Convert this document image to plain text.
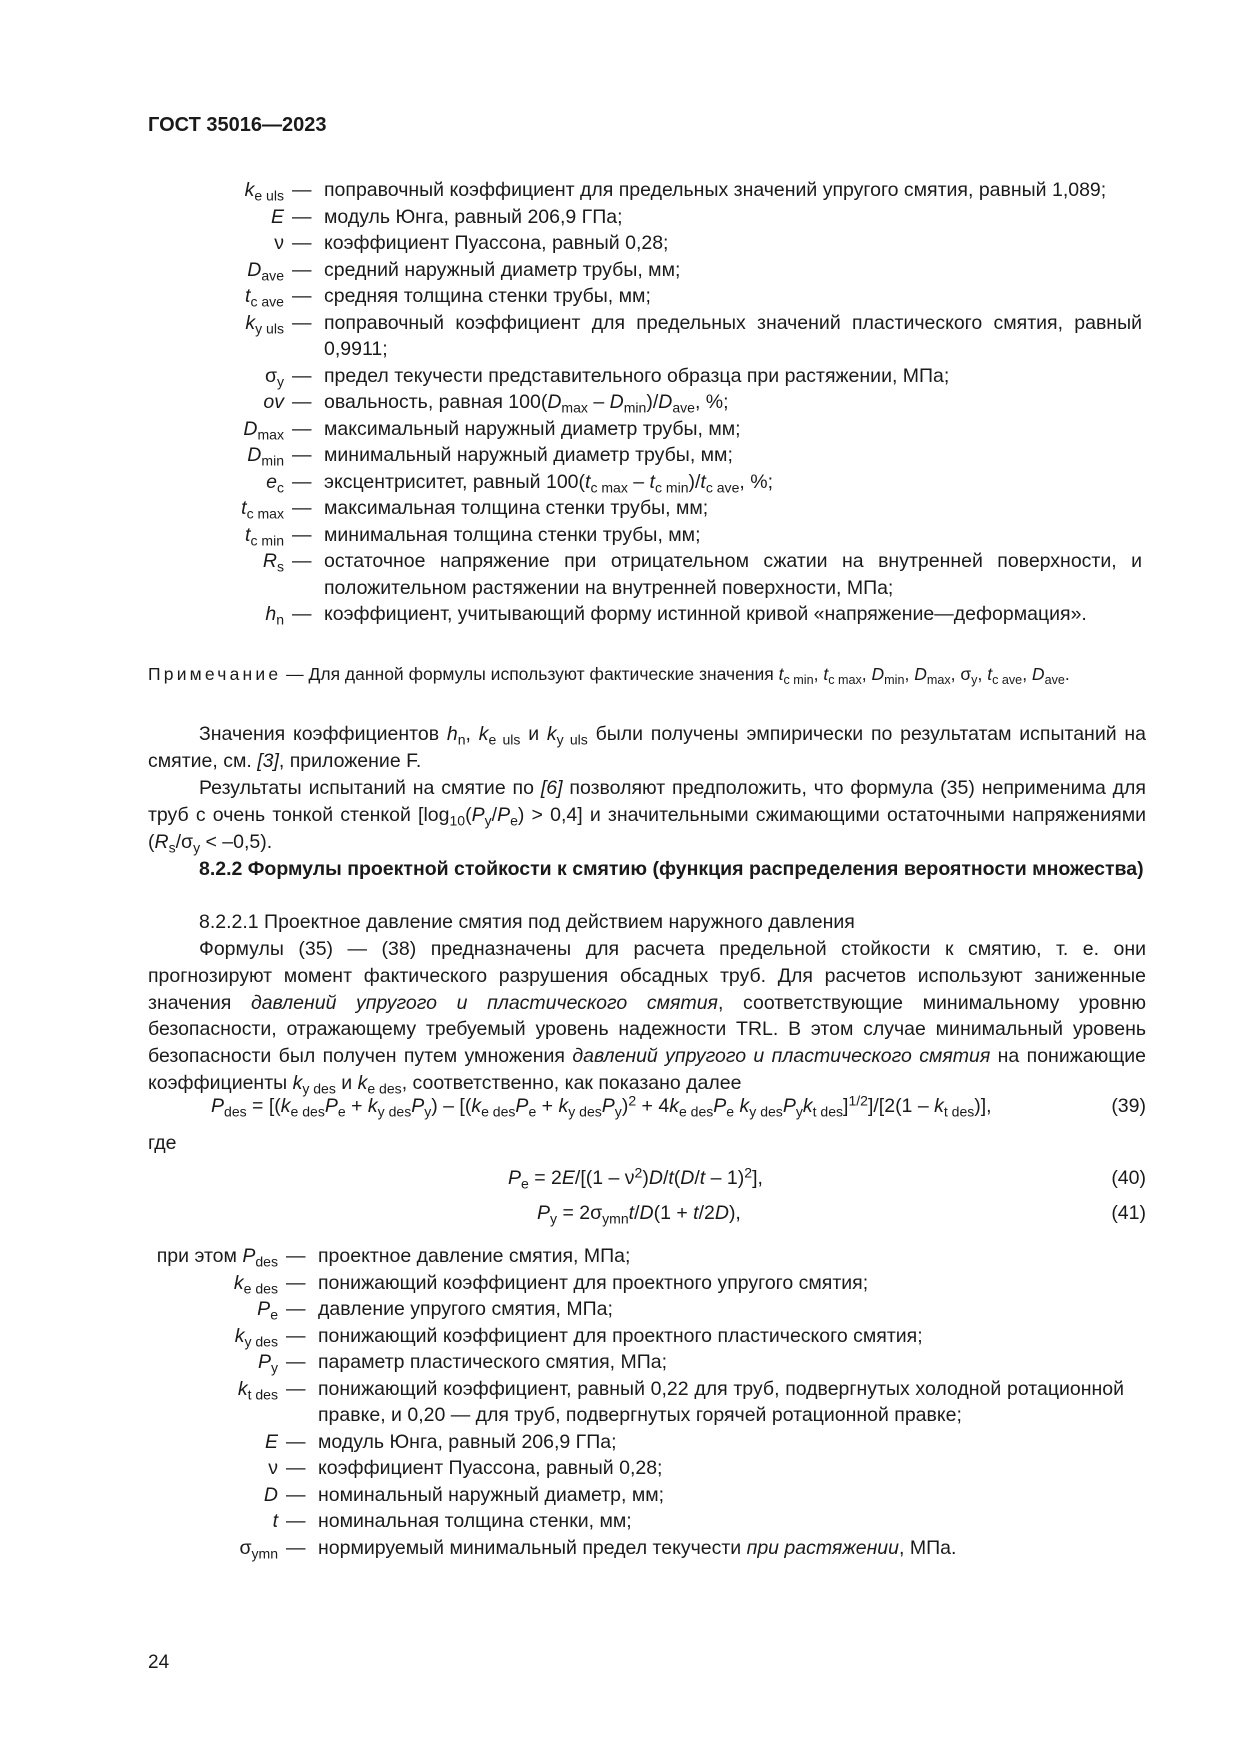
ГОСТ 35016—2023
$k_{e uls}$ — поправочный коэффициент для предельных значений упругого смятия, равный 1,089;
E — модуль Юнга, равный 206,9 ГПа;
ν — коэффициент Пуассона, равный 0,28;
$D_{ave}$ — средний наружный диаметр трубы, мм;
$t_{c ave}$ — средняя толщина стенки трубы, мм;
$k_{y uls}$ — поправочный коэффициент для предельных значений пластического смятия, равный 0,9911;
$\sigma_y$ — предел текучести представительного образца при растяжении, МПа;
ov — овальность, равная $100(D_{max} - D_{min})/D_{ave}$, %;
$D_{max}$ — максимальный наружный диаметр трубы, мм;
$D_{min}$ — минимальный наружный диаметр трубы, мм;
$e_c$ — эксцентриситет, равный $100(t_{c max} - t_{c min})/t_{c ave}$, %;
$t_{c max}$ — максимальная толщина стенки трубы, мм;
$t_{c min}$ — минимальная толщина стенки трубы, мм;
$R_s$ — остаточное напряжение при отрицательном сжатии на внутренней поверхности, и положительном растяжении на внутренней поверхности, МПа;
$h_n$ — коэффициент, учитывающий форму истинной кривой «напряжение—деформация».
Примечание — Для данной формулы используют фактические значения $t_{c min}$, $t_{c max}$, $D_{min}$, $D_{max}$, $\sigma_y$, $t_{c ave}$, $D_{ave}$.
Значения коэффициентов $h_n$, $k_{e uls}$ и $k_{y uls}$ были получены эмпирически по результатам испытаний на смятие, см. [3], приложение F.
Результаты испытаний на смятие по [6] позволяют предположить, что формула (35) неприменима для труб с очень тонкой стенкой $[\log_{10}(P_y/P_e) > 0,4]$ и значительными сжимающими остаточными напряжениями $(R_s/\sigma_y < -0,5)$.
8.2.2 Формулы проектной стойкости к смятию (функция распределения вероятности множества)
8.2.2.1 Проектное давление смятия под действием наружного давления
Формулы (35) — (38) предназначены для расчета предельной стойкости к смятию, т. е. они прогнозируют момент фактического разрушения обсадных труб. Для расчетов используют заниженные значения давлений упругого и пластического смятия, соответствующие минимальному уровню безопасности, отражающему требуемый уровень надежности TRL. В этом случае минимальный уровень безопасности был получен путем умножения давлений упругого и пластического смятия на понижающие коэффициенты $k_{y des}$ и $k_{e des}$, соответственно, как показано далее
$P_{des} = [(k_{e des}P_e + k_{y des}P_y) - [(k_{e des}P_e + k_{y des}P_y)^2 + 4k_{e des}P_e$ $k_{y des}P_yk_{t des}]^{1/2}]/[2(1 - k_{t des})]$,	(39)
где
$P_e = 2E/[(1 - \nu^2)D/t(D/t - 1)^2]$,	(40)
$P_y = 2\sigma_{ymn}t/D(1 + t/2D)$,	(41)
при этом $P_{des}$ — проектное давление смятия, МПа;
$k_{e des}$ — понижающий коэффициент для проектного упругого смятия;
$P_e$ — давление упругого смятия, МПа;
$k_{y des}$ — понижающий коэффициент для проектного пластического смятия;
$P_y$ — параметр пластического смятия, МПа;
$k_{t des}$ — понижающий коэффициент, равный 0,22 для труб, подвергнутых холодной ротационной правке, и 0,20 — для труб, подвергнутых горячей ротационной правке;
E — модуль Юнга, равный 206,9 ГПа;
ν — коэффициент Пуассона, равный 0,28;
D — номинальный наружный диаметр, мм;
t — номинальная толщина стенки, мм;
$\sigma_{ymn}$ — нормируемый минимальный предел текучести при растяжении, МПа.
24
